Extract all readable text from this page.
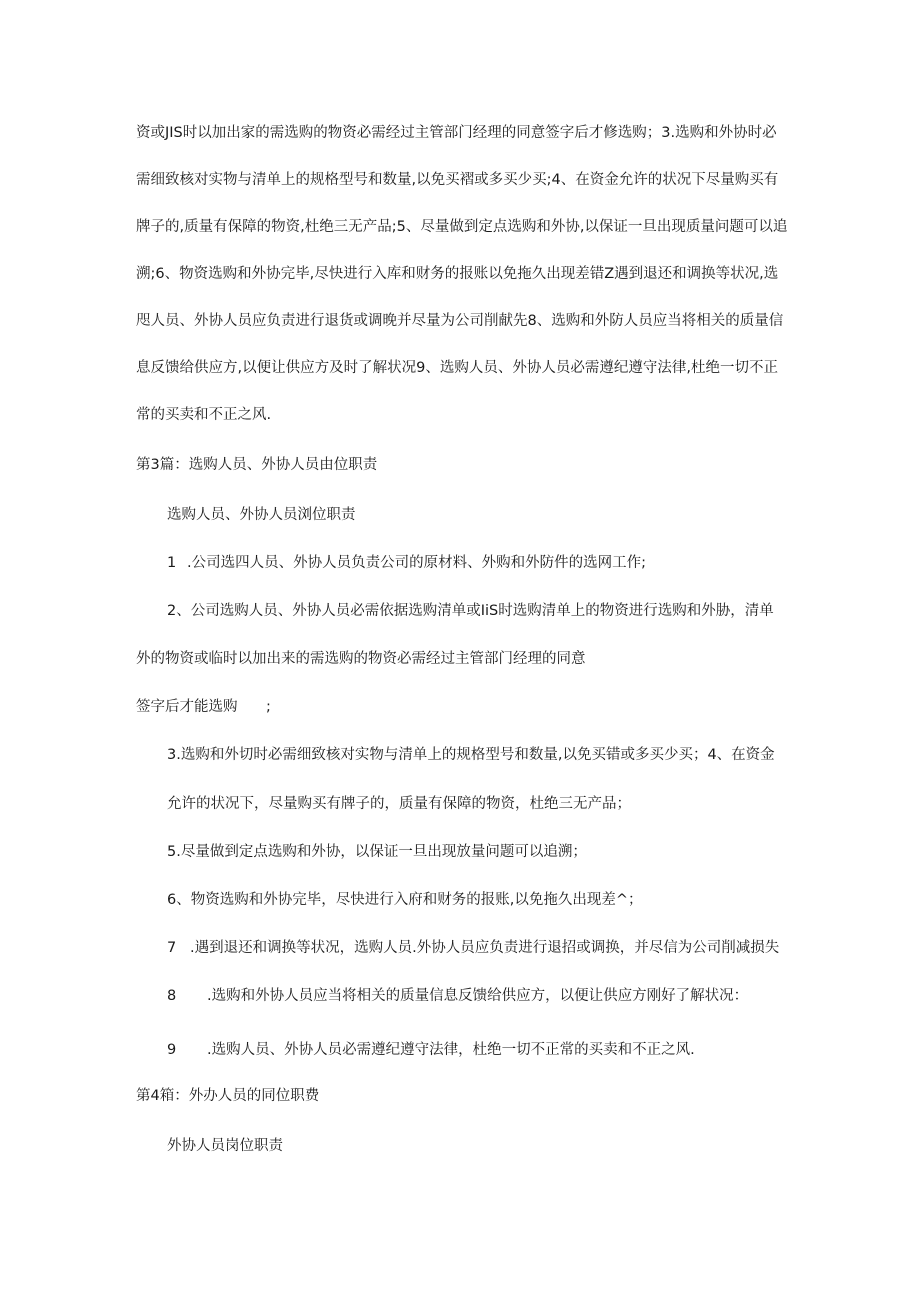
资或JIS时以加出家的需选购的物资必需经过主管部门经理的同意签字后才修选购；3.选购和外协时必
需细致核对实物与清单上的规格型号和数量,以免买褶或多买少买;4、在资金允许的状况下尽量购买有
牌子的,质量有保障的物资,杜绝三无产品;5、尽量做到定点选购和外协,以保证一旦出现质量问题可以追
溯;6、物资选购和外协完毕,尽快进行入库和财务的报账以免拖久出现差错Z遇到退还和调换等状况,选
咫人员、外协人员应负责进行退货或调晚并尽量为公司削献先8、选购和外防人员应当将相关的质量信
息反馈给供应方,以便让供应方及时了解状况9、选购人员、外协人员必需遵纪遵守法律,杜绝一切不正
常的买卖和不正之风.
第3篇：选购人员、外协人员由位职责
选购人员、外协人员浏位职责
1 .公司选四人员、外协人员负责公司的原材料、外购和外防件的选网工作;
2、公司选购人员、外协人员必需依据选购清单或IiS时选购清单上的物资进行选购和外胁，清单
外的物资或临时以加出来的需选购的物资必需经过主管部门经理的同意
签字后才能选购 ;
3.选购和外切时必需细致核对实物与清单上的规格型号和数量,以免买错或多买少买；4、在资金
允许的状况下，尽量购买有牌子的，质量有保障的物资，杜绝三无产品；
5.尽量做到定点选购和外协，以保证一旦出现放量问题可以追溯；
6、物资选购和外协完毕，尽快进行入府和财务的报账,以免拖久出现差^；
7 .遇到退还和调换等状况，选购人员.外协人员应负责进行退招或调换，并尽信为公司削减损失
8 .选购和外协人员应当将相关的质量信息反馈给供应方，以便让供应方刚好了解状况：
9 .选购人员、外协人员必需遵纪遵守法律，杜绝一切不正常的买卖和不正之风.
第4箱：外办人员的同位职费
外协人员岗位职责
